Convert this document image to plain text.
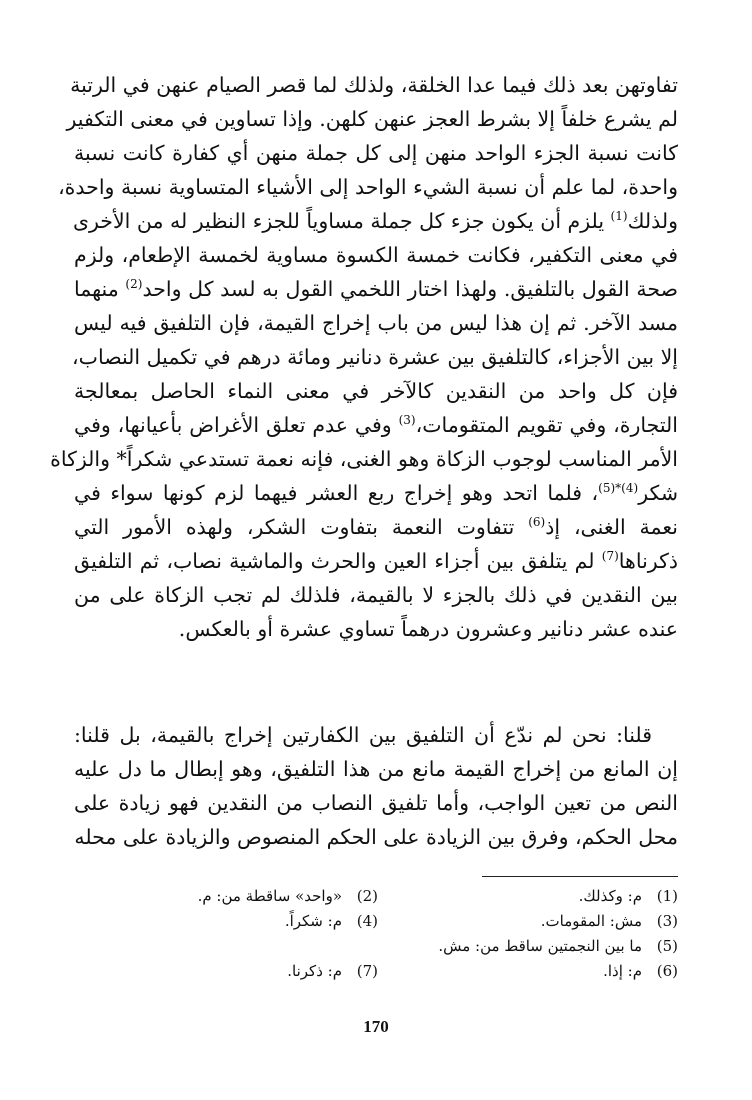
تفاوتهن بعد ذلك فيما عدا الخلقة، ولذلك لما قصر الصيام عنهن في الرتبة
لم يشرع خلفاً إلا بشرط العجز عنهن كلهن. وإذا تساوين في معنى التكفير
كانت نسبة الجزء الواحد منهن إلى كل جملة منهن أي كفارة كانت نسبة
واحدة، لما علم أن نسبة الشيء الواحد إلى الأشياء المتساوية نسبة واحدة،
ولذلك$^{(1)}$ يلزم أن يكون جزء كل جملة مساوياً للجزء النظير له من الأخرى
في معنى التكفير، فكانت خمسة الكسوة مساوية لخمسة الإطعام، ولزم
صحة القول بالتلفيق. ولهذا اختار اللخمي القول به لسد كل واحد$^{(2)}$ منهما
مسد الآخر. ثم إن هذا ليس من باب إخراج القيمة، فإن التلفيق فيه ليس
إلا بين الأجزاء، كالتلفيق بين عشرة دنانير ومائة درهم في تكميل النصاب،
فإن كل واحد من النقدين كالآخر في معنى النماء الحاصل بمعالجة
التجارة، وفي تقويم المتقومات،$^{(3)}$ وفي عدم تعلق الأغراض بأعيانها، وفي
الأمر المناسب لوجوب الزكاة وهو الغنى، فإنه نعمة تستدعي شكراً* والزكاة
شكر$^{(4)*(5)}$، فلما اتحد وهو إخراج ربع العشر فيهما لزم كونها سواء في
نعمة الغنى، إذ$^{(6)}$ تتفاوت النعمة بتفاوت الشكر، ولهذه الأمور التي
ذكرناها$^{(7)}$ لم يتلفق بين أجزاء العين والحرث والماشية نصاب، ثم التلفيق
بين النقدين في ذلك بالجزء لا بالقيمة، فلذلك لم تجب الزكاة على من
عنده عشر دنانير وعشرون درهماً تساوي عشرة أو بالعكس.
قلنا: نحن لم ندّع أن التلفيق بين الكفارتين إخراج بالقيمة، بل قلنا:
إن المانع من إخراج القيمة مانع من هذا التلفيق، وهو إبطال ما دل عليه
النص من تعين الواجب، وأما تلفيق النصاب من النقدين فهو زيادة على
محل الحكم، وفرق بين الزيادة على الحكم المنصوص والزيادة على محله
(1)م: وكذلك.
(2)«واحد» ساقطة من: م.
(3)مش: المقومات.
(4)م: شكراً.
(5)ما بين النجمتين ساقط من: مش.
(6)م: إذا.
(7)م: ذكرنا.
170
